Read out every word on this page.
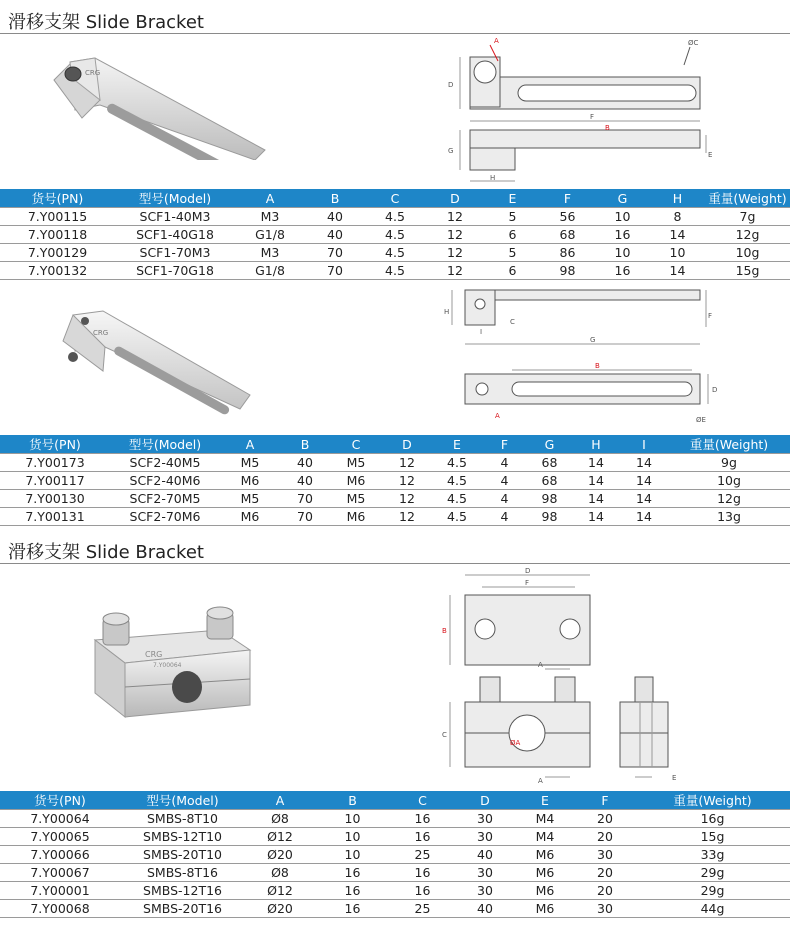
滑移支架 Slide Bracket
CRG
A
B
ØC
D
F
G
H
E
货号(PN)	型号(Model)	A	B	C	D	E	F	G	H	重量(Weight)
7.Y00115	SCF1-40M3	M3	40	4.5	12	5	56	10	8	7g
7.Y00118	SCF1-40G18	G1/8	40	4.5	12	6	68	16	14	12g
7.Y00129	SCF1-70M3	M3	70	4.5	12	5	86	10	10	10g
7.Y00132	SCF1-70G18	G1/8	70	4.5	12	6	98	16	14	15g
CRG
H
C
I
G
F
B
D
A	ØE
货号(PN)	型号(Model)	A	B	C	D	E	F	G	H	I	重量(Weight)
7.Y00173	SCF2-40M5	M5	40	M5	12	4.5	4	68	14	14	9g
7.Y00117	SCF2-40M6	M6	40	M6	12	4.5	4	68	14	14	10g
7.Y00130	SCF2-70M5	M5	70	M5	12	4.5	4	98	14	14	12g
7.Y00131	SCF2-70M6	M6	70	M6	12	4.5	4	98	14	14	13g
滑移支架 Slide Bracket
CRG
7.Y00064
D
F
B
C
A
A
ØA
E
货号(PN)	型号(Model)	A	B	C	D	E	F	重量(Weight)
7.Y00064	SMBS-8T10	Ø8	10	16	30	M4	20	16g
7.Y00065	SMBS-12T10	Ø12	10	16	30	M4	20	15g
7.Y00066	SMBS-20T10	Ø20	10	25	40	M6	30	33g
7.Y00067	SMBS-8T16	Ø8	16	16	30	M6	20	29g
7.Y00001	SMBS-12T16	Ø12	16	16	30	M6	20	29g
7.Y00068	SMBS-20T16	Ø20	16	25	40	M6	30	44g
